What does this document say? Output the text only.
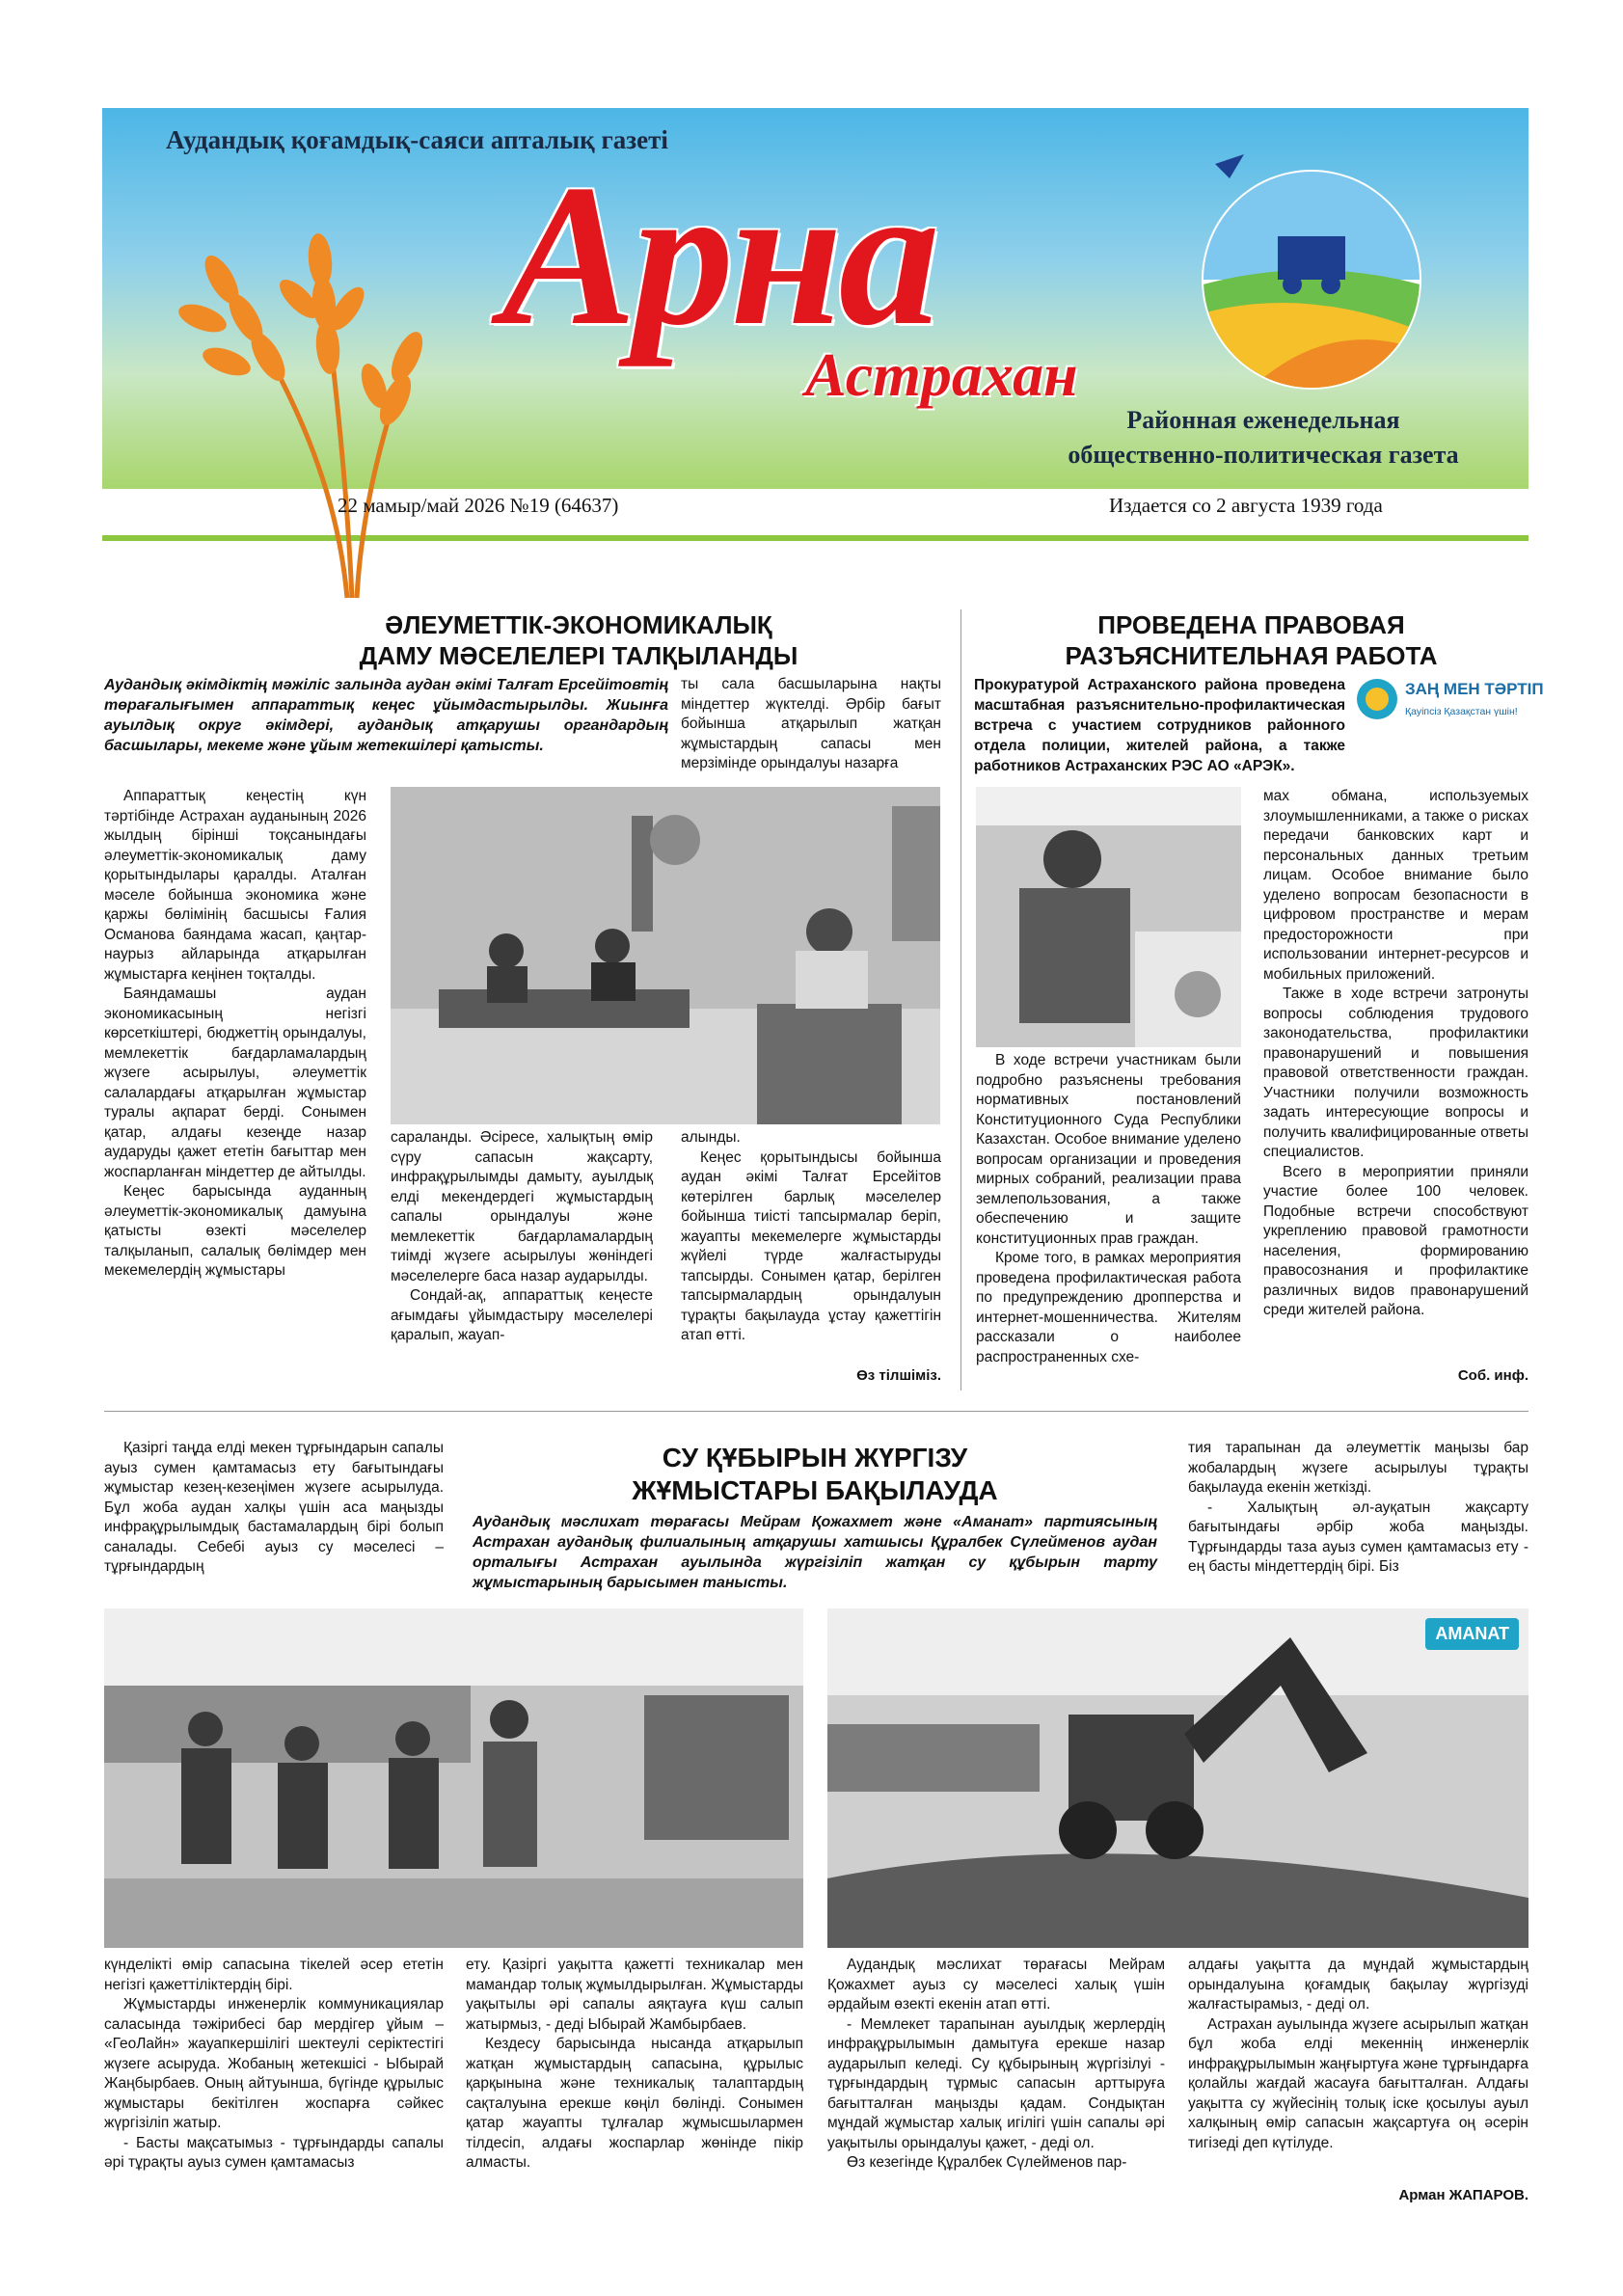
Аудандық қоғамдық-саяси апталық газеті
Арна
Астрахан
Районная еженедельная
общественно-политическая газета
22 мамыр/май 2026 №19 (64637)	Издается со 2 августа 1939 года
ӘЛЕУМЕТТІК-ЭКОНОМИКАЛЫҚ
ДАМУ МӘСЕЛЕЛЕРІ ТАЛҚЫЛАНДЫ
Аудандық әкімдіктің мәжіліс залында аудан әкімі Талғат Ерсейітовтің төрағалығымен аппараттық кеңес ұйымдастырылды. Жиынға ауылдық округ әкімдері, аудандық атқарушы органдардың басшылары, мекеме және ұйым жетекшілері қатысты.

Аппараттық кеңестің күн тәртібінде Астрахан ауданының 2026 жылдың бірінші тоқсанындағы әлеуметтік-экономикалық даму қорытындылары қаралды. Аталған мәселе бойынша экономика және қаржы бөлімінің басшысы Ғалия Османова баяндама жасап, қаңтар-наурыз айларында атқарылған жұмыстарға кеңінен тоқталды.

Баяндамашы аудан экономикасының негізгі көрсеткіштері, бюджеттің орындалуы, мемлекеттік бағдарламалардың жүзеге асырылуы, әлеуметтік салалардағы атқарылған жұмыстар туралы ақпарат берді. Сонымен қатар, алдағы кезеңде назар аударуды қажет ететін бағыттар мен жоспарланған міндеттер де айтылды.

Кеңес барысында ауданның әлеуметтік-экономикалық дамуына қатысты өзекті мәселелер талқыланып, салалық бөлімдер мен мекемелердің жұмыстары

ты сала басшыларына нақты міндеттер жүктелді. Әрбір бағыт бойынша атқарылып жатқан жұмыстардың сапасы мен мерзімінде орындалуы назарға

сараланды. Әсіресе, халықтың өмір сүру сапасын жақсарту, инфрақұрылымды дамыту, ауылдық елді мекендердегі жұмыстардың сапалы орындалуы және мемлекеттік бағдарламалардың тиімді жүзеге асырылуы жөніндегі мәселелерге баса назар аударылды.

Сондай-ақ, аппараттық кеңесте ағымдағы ұйымдастыру мәселелері қаралып, жауап-

алынды.

Кеңес қорытындысы бойынша аудан әкімі Талғат Ерсейітов көтерілген барлық мәселелер бойынша тиісті тапсырмалар беріп, жауапты мекемелерге жұмыстарды жүйелі түрде жалғастыруды тапсырды. Сонымен қатар, берілген тапсырмалардың орындалуын тұрақты бақылауда ұстау қажеттігін атап өтті.

Өз тілшіміз.
ПРОВЕДЕНА ПРАВОВАЯ
РАЗЪЯСНИТЕЛЬНАЯ РАБОТА
ЗАҢ МЕН ТӘРТІП
Қауіпсіз Қазақстан үшін!
Прокуратурой Астраханского района проведена масштабная разъяснительно-профилактическая встреча с участием сотрудников районного отдела полиции, жителей района, а также работников Астраханских РЭС АО «АРЭК».

В ходе встречи участникам были подробно разъяснены требования нормативных постановлений Конституционного Суда Республики Казахстан. Особое внимание уделено вопросам организации и проведения мирных собраний, реализации права землепользования, а также обеспечению и защите конституционных прав граждан.

Кроме того, в рамках мероприятия проведена профилактическая работа по предупреждению дропперства и интернет-мошенничества. Жителям рассказали о наиболее распространенных схе-

мах обмана, используемых злоумышленниками, а также о рисках передачи банковских карт и персональных данных третьим лицам. Особое внимание было уделено вопросам безопасности в цифровом пространстве и мерам предосторожности при использовании интернет-ресурсов и мобильных приложений.

Также в ходе встречи затронуты вопросы соблюдения трудового законодательства, профилактики правонарушений и повышения правовой ответственности граждан. Участники получили возможность задать интересующие вопросы и получить квалифицированные ответы специалистов.

Всего в мероприятии приняли участие более 100 человек. Подобные встречи способствуют укреплению правовой грамотности населения, формированию правосознания и профилактике различных видов правонарушений среди жителей района.

Соб. инф.

Қазіргі таңда елді мекен тұрғындарын сапалы ауыз сумен қамтамасыз ету бағытындағы жұмыстар кезең-кезеңімен жүзеге асырылуда. Бұл жоба аудан халқы үшін аса маңызды инфрақұрылымдық бастамалардың бірі болып саналады. Себебі ауыз су мәселесі – тұрғындардың

СУ ҚҰБЫРЫН ЖҮРГІЗУ
ЖҰМЫСТАРЫ БАҚЫЛАУДА
Аудандық мәслихат төрағасы Мейрам Қожахмет және «Аманат» партиясының Астрахан аудандық филиалының атқарушы хатшысы Құралбек Сүлейменов аудан орталығы Астрахан ауылында жүргізіліп жатқан су құбырын тарту жұмыстарының барысымен танысты.

тия тарапынан да әлеуметтік маңызы бар жобалардың жүзеге асырылуы тұрақты бақылауда екенін жеткізді.

- Халықтың әл-ауқатын жақсарту бағытындағы әрбір жоба маңызды. Тұрғындарды таза ауыз сумен қамтамасыз ету - ең басты міндеттердің бірі. Біз

AMANAT

күнделікті өмір сапасына тікелей әсер ететін негізгі қажеттіліктердің бірі.

Жұмыстарды инженерлік коммуникациялар саласында тәжірибесі бар мердігер ұйым – «ГеоЛайн» жауапкершілігі шектеулі серіктестігі жүзеге асыруда. Жобаның жетекшісі - Ыбырай Жаңбырбаев. Оның айтуынша, бүгінде құрылыс жұмыстары бекітілген жоспарға сәйкес жүргізіліп жатыр.

- Басты мақсатымыз - тұрғындарды сапалы әрі тұрақты ауыз сумен қамтамасыз

ету. Қазіргі уақытта қажетті техникалар мен мамандар толық жұмылдырылған. Жұмыстарды уақытылы әрі сапалы аяқтауға күш салып жатырмыз, - деді Ыбырай Жамбырбаев.

Кездесу барысында нысанда атқарылып жатқан жұмыстардың сапасына, құрылыс қарқынына және техникалық талаптардың сақталуына ерекше көңіл бөлінді. Сонымен қатар жауапты тұлғалар жұмысшылармен тілдесіп, алдағы жоспарлар жөнінде пікір алмасты.

Аудандық мәслихат төрағасы Мейрам Қожахмет ауыз су мәселесі халық үшін әрдайым өзекті екенін атап өтті.

- Мемлекет тарапынан ауылдық жерлердің инфрақұрылымын дамытуға ерекше назар аударылып келеді. Су құбырының жүргізілуі - тұрғындардың тұрмыс сапасын арттыруға бағытталған маңызды қадам. Сондықтан мұндай жұмыстар халық игілігі үшін сапалы әрі уақытылы орындалуы қажет, - деді ол.

Өз кезегінде Құралбек Сүлейменов пар-

алдағы уақытта да мұндай жұмыстардың орындалуына қоғамдық бақылау жүргізуді жалғастырамыз, - деді ол.

Астрахан ауылында жүзеге асырылып жатқан бұл жоба елді мекеннің инженерлік инфрақұрылымын жаңғыртуға және тұрғындарға қолайлы жағдай жасауға бағытталған. Алдағы уақытта су жүйесінің толық іске қосылуы ауыл халқының өмір сапасын жақсартуға оң әсерін тигізеді деп күтілуде.

Арман ЖАПАРОВ.
